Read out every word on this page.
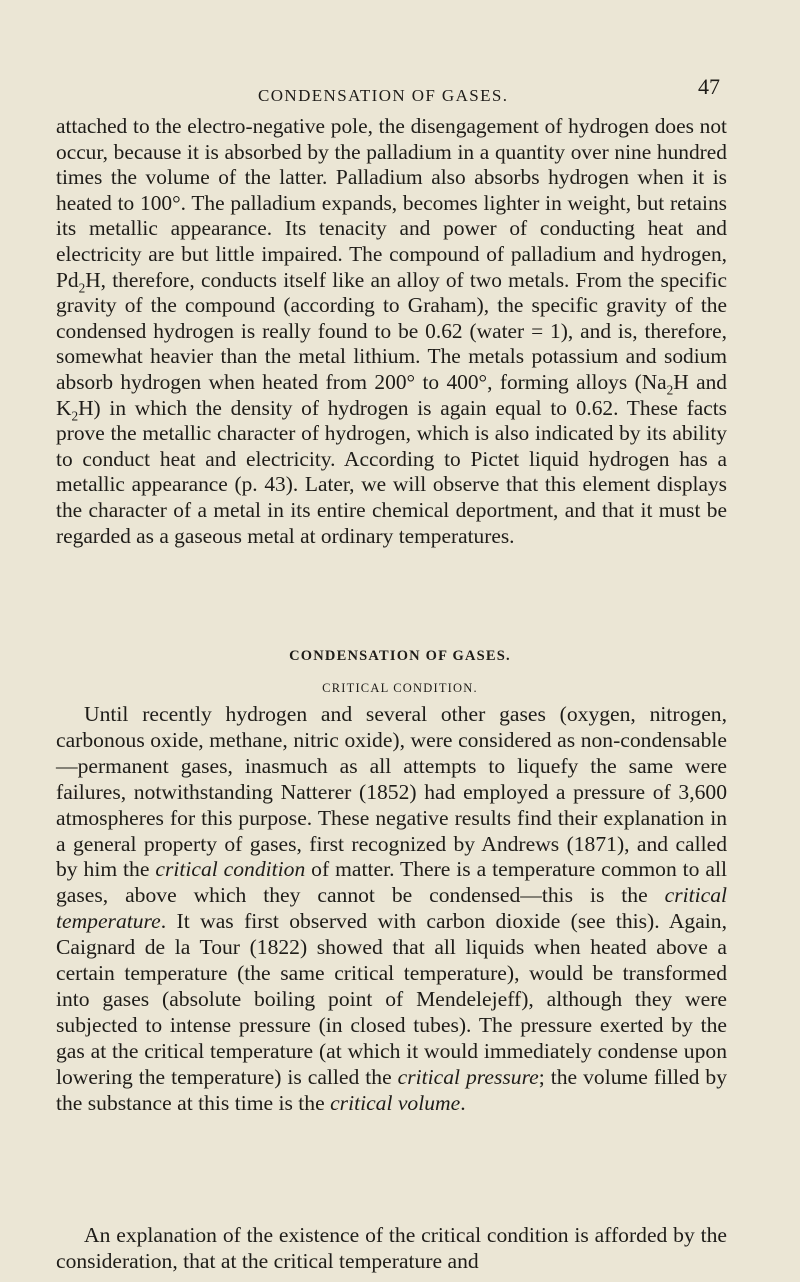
CONDENSATION OF GASES.	47

attached to the electro-negative pole, the disengagement of hydrogen does not occur, because it is absorbed by the palladium in a quantity over nine hundred times the volume of the latter. Palladium also absorbs hydrogen when it is heated to 100°. The palladium expands, becomes lighter in weight, but retains its metallic appearance. Its tenacity and power of conducting heat and electricity are but little impaired. The compound of palladium and hydrogen, $Pd_2H$, therefore, conducts itself like an alloy of two metals. From the specific gravity of the compound (according to Graham), the specific gravity of the condensed hydrogen is really found to be 0.62 (water = 1), and is, therefore, somewhat heavier than the metal lithium. The metals potassium and sodium absorb hydrogen when heated from 200° to 400°, forming alloys ($Na_2H$ and $K_2H$) in which the density of hydrogen is again equal to 0.62. These facts prove the metallic character of hydrogen, which is also indicated by its ability to conduct heat and electricity. According to Pictet liquid hydrogen has a metallic appearance (p. 43). Later, we will observe that this element displays the character of a metal in its entire chemical deportment, and that it must be regarded as a gaseous metal at ordinary temperatures.

CONDENSATION OF GASES.
CRITICAL CONDITION.

Until recently hydrogen and several other gases (oxygen, nitrogen, carbonous oxide, methane, nitric oxide), were considered as non-condensable—permanent gases, inasmuch as all attempts to liquefy the same were failures, notwithstanding Natterer (1852) had employed a pressure of 3,600 atmospheres for this purpose. These negative results find their explanation in a general property of gases, first recognized by Andrews (1871), and called by him the critical condition of matter. There is a temperature common to all gases, above which they cannot be condensed—this is the critical temperature. It was first observed with carbon dioxide (see this). Again, Caignard de la Tour (1822) showed that all liquids when heated above a certain temperature (the same critical temperature), would be transformed into gases (absolute boiling point of Mendelejeff), although they were subjected to intense pressure (in closed tubes). The pressure exerted by the gas at the critical temperature (at which it would immediately condense upon lowering the temperature) is called the critical pressure; the volume filled by the substance at this time is the critical volume.

An explanation of the existence of the critical condition is afforded by the consideration, that at the critical temperature and
